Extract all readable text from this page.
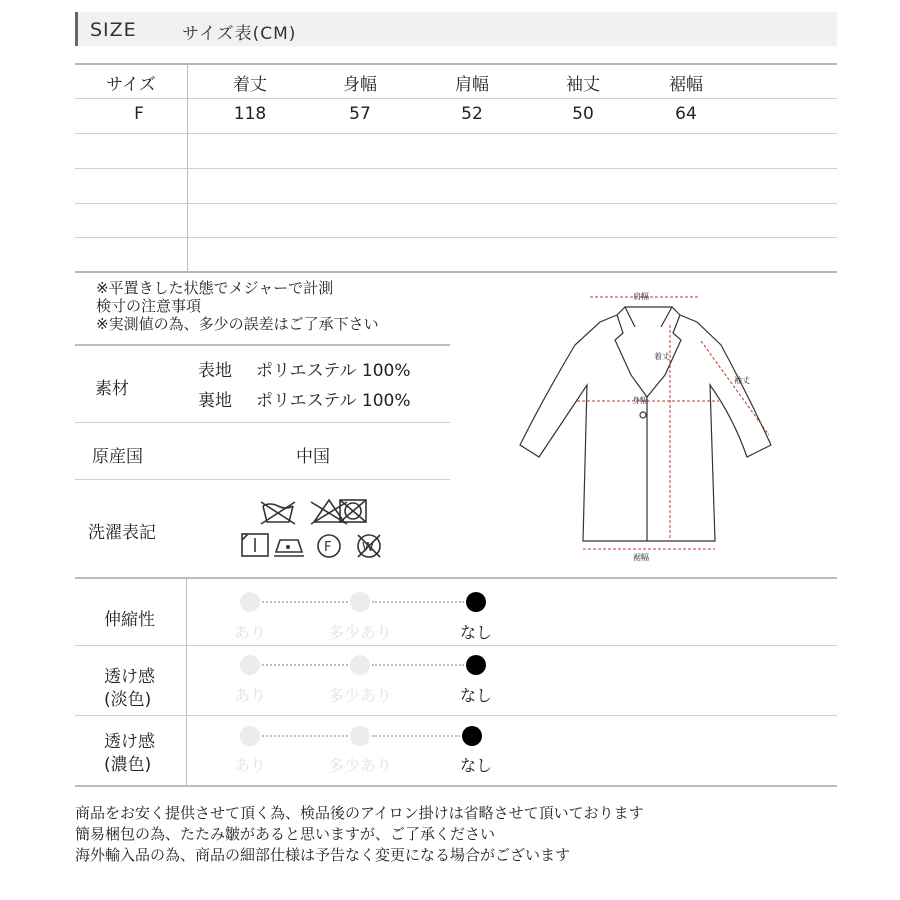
SIZE	サイズ表(CM)
サイズ	着丈	身幅	肩幅	袖丈	裾幅
F	118	57	52	50	64
※平置きした状態でメジャーで計測
検寸の注意事項
※実測値の為、多少の誤差はご了承下さい
素材
表地 ポリエステル 100%
裏地 ポリエステル 100%
原産国	中国
洗濯表記
F	W
肩幅
着丈
袖丈
身幅
裾幅
伸縮性
あり	多少あり	なし
透け感
(淡色)	あり	多少あり	なし
透け感
(濃色)	あり	多少あり	なし
商品をお安く提供させて頂く為、検品後のアイロン掛けは省略させて頂いております
簡易梱包の為、たたみ皺があると思いますが、ご了承ください
海外輸入品の為、商品の細部仕様は予告なく変更になる場合がございます
